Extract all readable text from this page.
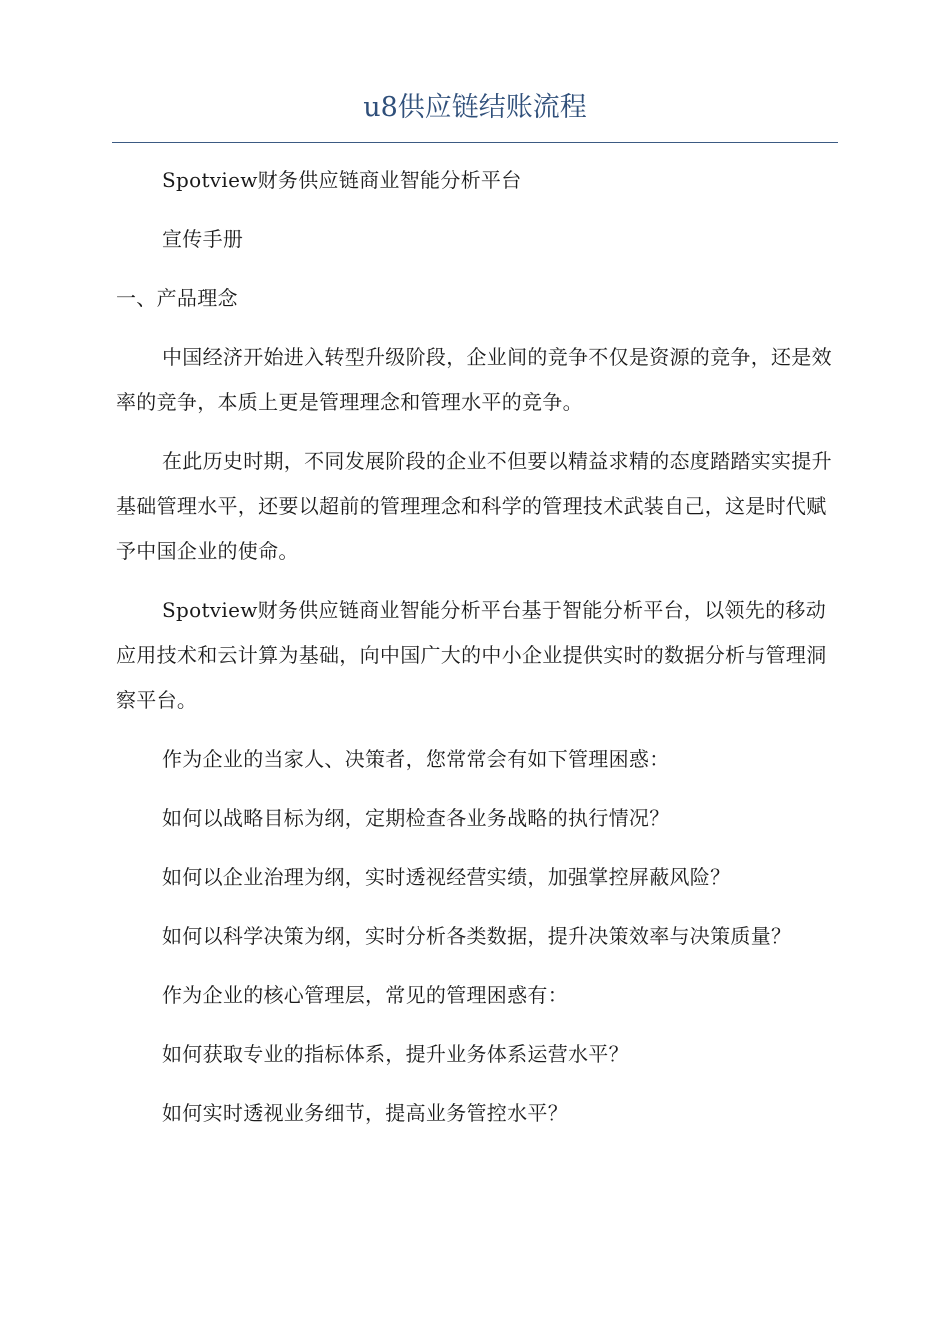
u8供应链结账流程

Spotview财务供应链商业智能分析平台

宣传手册

一、产品理念

中国经济开始进入转型升级阶段，企业间的竞争不仅是资源的竞争，还是效率的竞争，本质上更是管理理念和管理水平的竞争。

在此历史时期，不同发展阶段的企业不但要以精益求精的态度踏踏实实提升基础管理水平，还要以超前的管理理念和科学的管理技术武装自己，这是时代赋予中国企业的使命。

Spotview财务供应链商业智能分析平台基于智能分析平台，以领先的移动应用技术和云计算为基础，向中国广大的中小企业提供实时的数据分析与管理洞察平台。

作为企业的当家人、决策者，您常常会有如下管理困惑：

如何以战略目标为纲，定期检查各业务战略的执行情况？

如何以企业治理为纲，实时透视经营实绩，加强掌控屏蔽风险？

如何以科学决策为纲，实时分析各类数据，提升决策效率与决策质量？

作为企业的核心管理层，常见的管理困惑有：

如何获取专业的指标体系，提升业务体系运营水平？

如何实时透视业务细节，提高业务管控水平？
